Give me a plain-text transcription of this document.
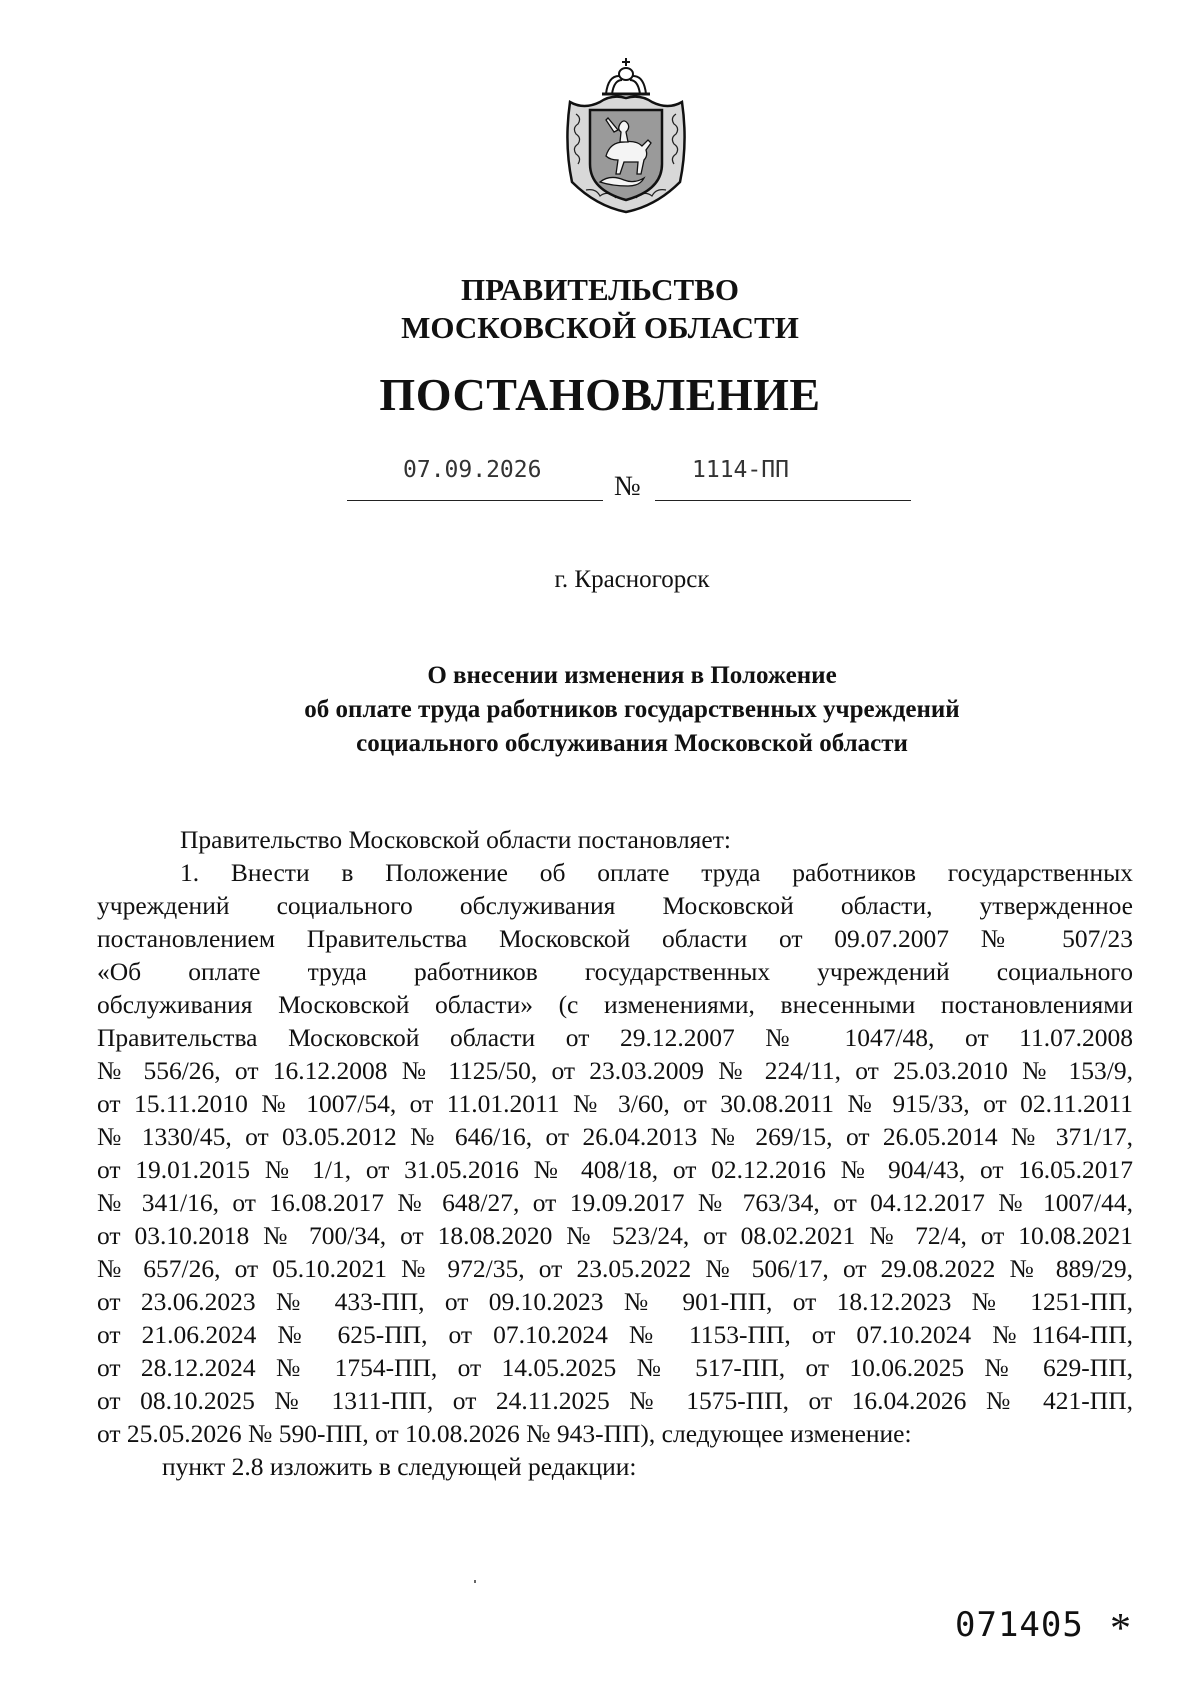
ПРАВИТЕЛЬСТВО
МОСКОВСКОЙ ОБЛАСТИ
ПОСТАНОВЛЕНИЕ
07.09.2026
№
1114-ПП
г. Красногорск
О внесении изменения в Положение
об оплате труда работников государственных учреждений
социального обслуживания Московской области
Правительство Московской области постановляет:
1. Внести в Положение об оплате труда работников государственных
учреждений социального обслуживания Московской области, утвержденное
постановлением Правительства Московской области от 09.07.2007 № 507/23
«Об оплате труда работников государственных учреждений социального
обслуживания Московской области» (с изменениями, внесенными постановлениями
Правительства Московской области от 29.12.2007 № 1047/48, от 11.07.2008
№ 556/26, от 16.12.2008 № 1125/50, от 23.03.2009 № 224/11, от 25.03.2010 № 153/9,
от 15.11.2010 № 1007/54, от 11.01.2011 № 3/60, от 30.08.2011 № 915/33, от 02.11.2011
№ 1330/45, от 03.05.2012 № 646/16, от 26.04.2013 № 269/15, от 26.05.2014 № 371/17,
от 19.01.2015 № 1/1, от 31.05.2016 № 408/18, от 02.12.2016 № 904/43, от 16.05.2017
№ 341/16, от 16.08.2017 № 648/27, от 19.09.2017 № 763/34, от 04.12.2017 № 1007/44,
от 03.10.2018 № 700/34, от 18.08.2020 № 523/24, от 08.02.2021 № 72/4, от 10.08.2021
№ 657/26, от 05.10.2021 № 972/35, от 23.05.2022 № 506/17, от 29.08.2022 № 889/29,
от 23.06.2023 № 433-ПП, от 09.10.2023 № 901-ПП, от 18.12.2023 № 1251-ПП,
от 21.06.2024 № 625-ПП, от 07.10.2024 № 1153-ПП, от 07.10.2024 №1164-ПП,
от 28.12.2024 № 1754-ПП, от 14.05.2025 № 517-ПП, от 10.06.2025 № 629-ПП,
от 08.10.2025 № 1311-ПП, от 24.11.2025 № 1575-ПП, от 16.04.2026 № 421-ПП,
от 25.05.2026 № 590-ПП, от 10.08.2026 № 943-ПП), следующее изменение:
пункт 2.8 изложить в следующей редакции:
071405 *
